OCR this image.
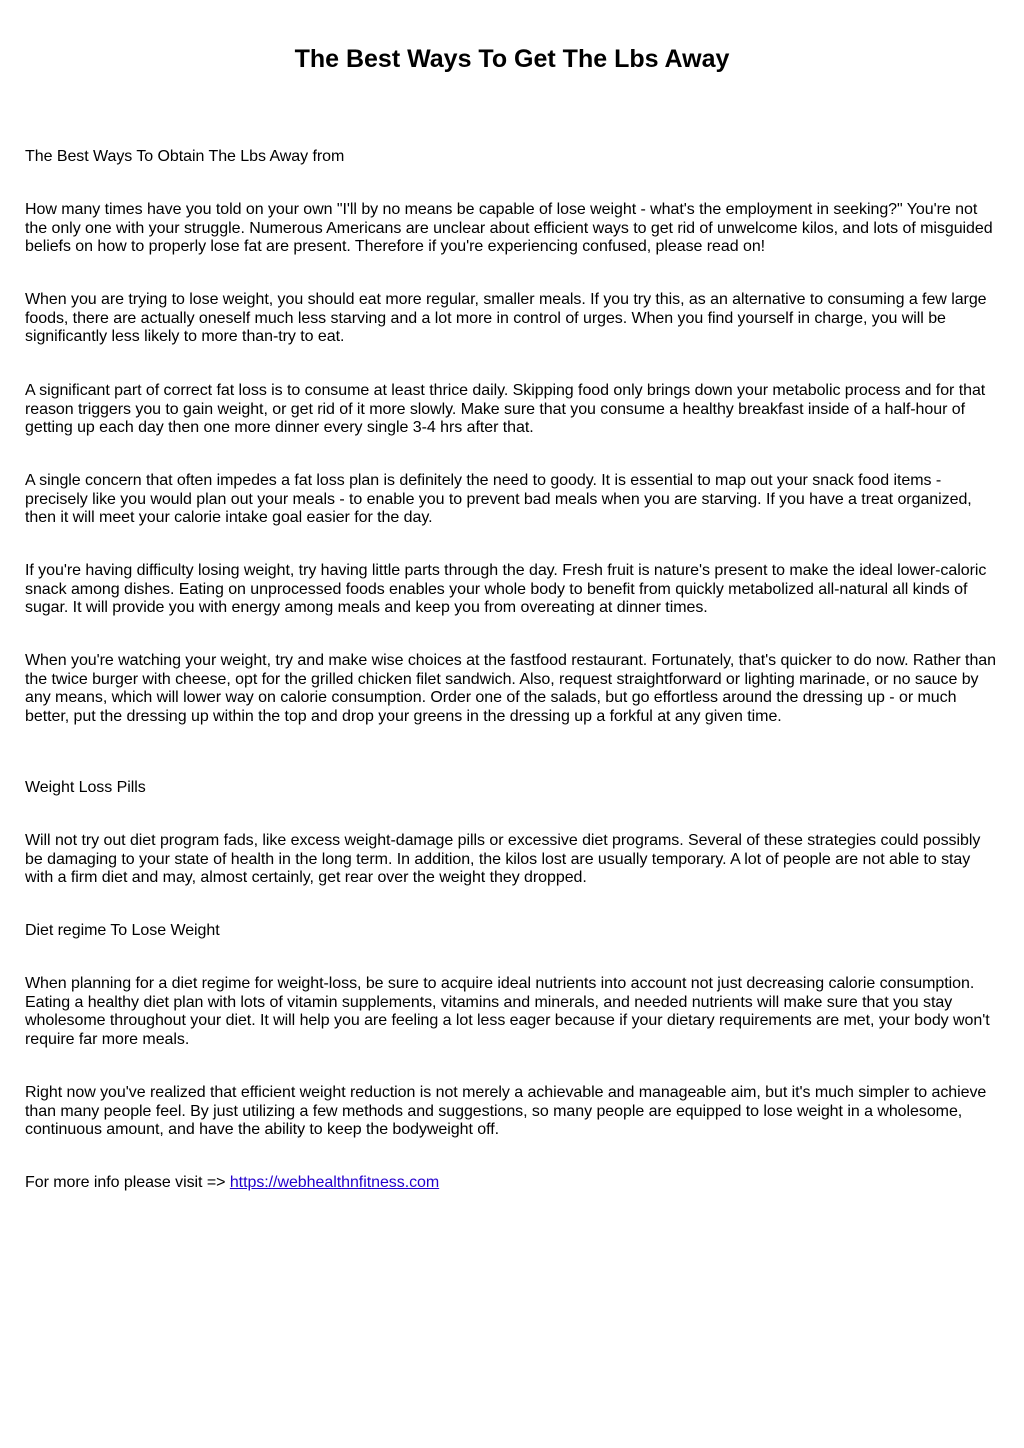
The Best Ways To Get The Lbs Away

The Best Ways To Obtain The Lbs Away from

How many times have you told on your own "I'll by no means be capable of lose weight - what's the employment in seeking?" You're not the only one with your struggle. Numerous Americans are unclear about efficient ways to get rid of unwelcome kilos, and lots of misguided beliefs on how to properly lose fat are present. Therefore if you're experiencing confused, please read on!

When you are trying to lose weight, you should eat more regular, smaller meals. If you try this, as an alternative to consuming a few large foods, there are actually oneself much less starving and a lot more in control of urges. When you find yourself in charge, you will be significantly less likely to more than-try to eat.

A significant part of correct fat loss is to consume at least thrice daily. Skipping food only brings down your metabolic process and for that reason triggers you to gain weight, or get rid of it more slowly. Make sure that you consume a healthy breakfast inside of a half-hour of getting up each day then one more dinner every single 3-4 hrs after that.

A single concern that often impedes a fat loss plan is definitely the need to goody. It is essential to map out your snack food items - precisely like you would plan out your meals - to enable you to prevent bad meals when you are starving. If you have a treat organized, then it will meet your calorie intake goal easier for the day.

If you're having difficulty losing weight, try having little parts through the day. Fresh fruit is nature's present to make the ideal lower-caloric snack among dishes. Eating on unprocessed foods enables your whole body to benefit from quickly metabolized all-natural all kinds of sugar. It will provide you with energy among meals and keep you from overeating at dinner times.

When you're watching your weight, try and make wise choices at the fastfood restaurant. Fortunately, that's quicker to do now. Rather than the twice burger with cheese, opt for the grilled chicken filet sandwich. Also, request straightforward or lighting marinade, or no sauce by any means, which will lower way on calorie consumption. Order one of the salads, but go effortless around the dressing up - or much better, put the dressing up within the top and drop your greens in the dressing up a forkful at any given time.

Weight Loss Pills

Will not try out diet program fads, like excess weight-damage pills or excessive diet programs. Several of these strategies could possibly be damaging to your state of health in the long term. In addition, the kilos lost are usually temporary. A lot of people are not able to stay with a firm diet and may, almost certainly, get rear over the weight they dropped.

Diet regime To Lose Weight

When planning for a diet regime for weight-loss, be sure to acquire ideal nutrients into account not just decreasing calorie consumption. Eating a healthy diet plan with lots of vitamin supplements, vitamins and minerals, and needed nutrients will make sure that you stay wholesome throughout your diet. It will help you are feeling a lot less eager because if your dietary requirements are met, your body won't require far more meals.

Right now you've realized that efficient weight reduction is not merely a achievable and manageable aim, but it's much simpler to achieve than many people feel. By just utilizing a few methods and suggestions, so many people are equipped to lose weight in a wholesome, continuous amount, and have the ability to keep the bodyweight off.

For more info please visit => https://webhealthnfitness.com
